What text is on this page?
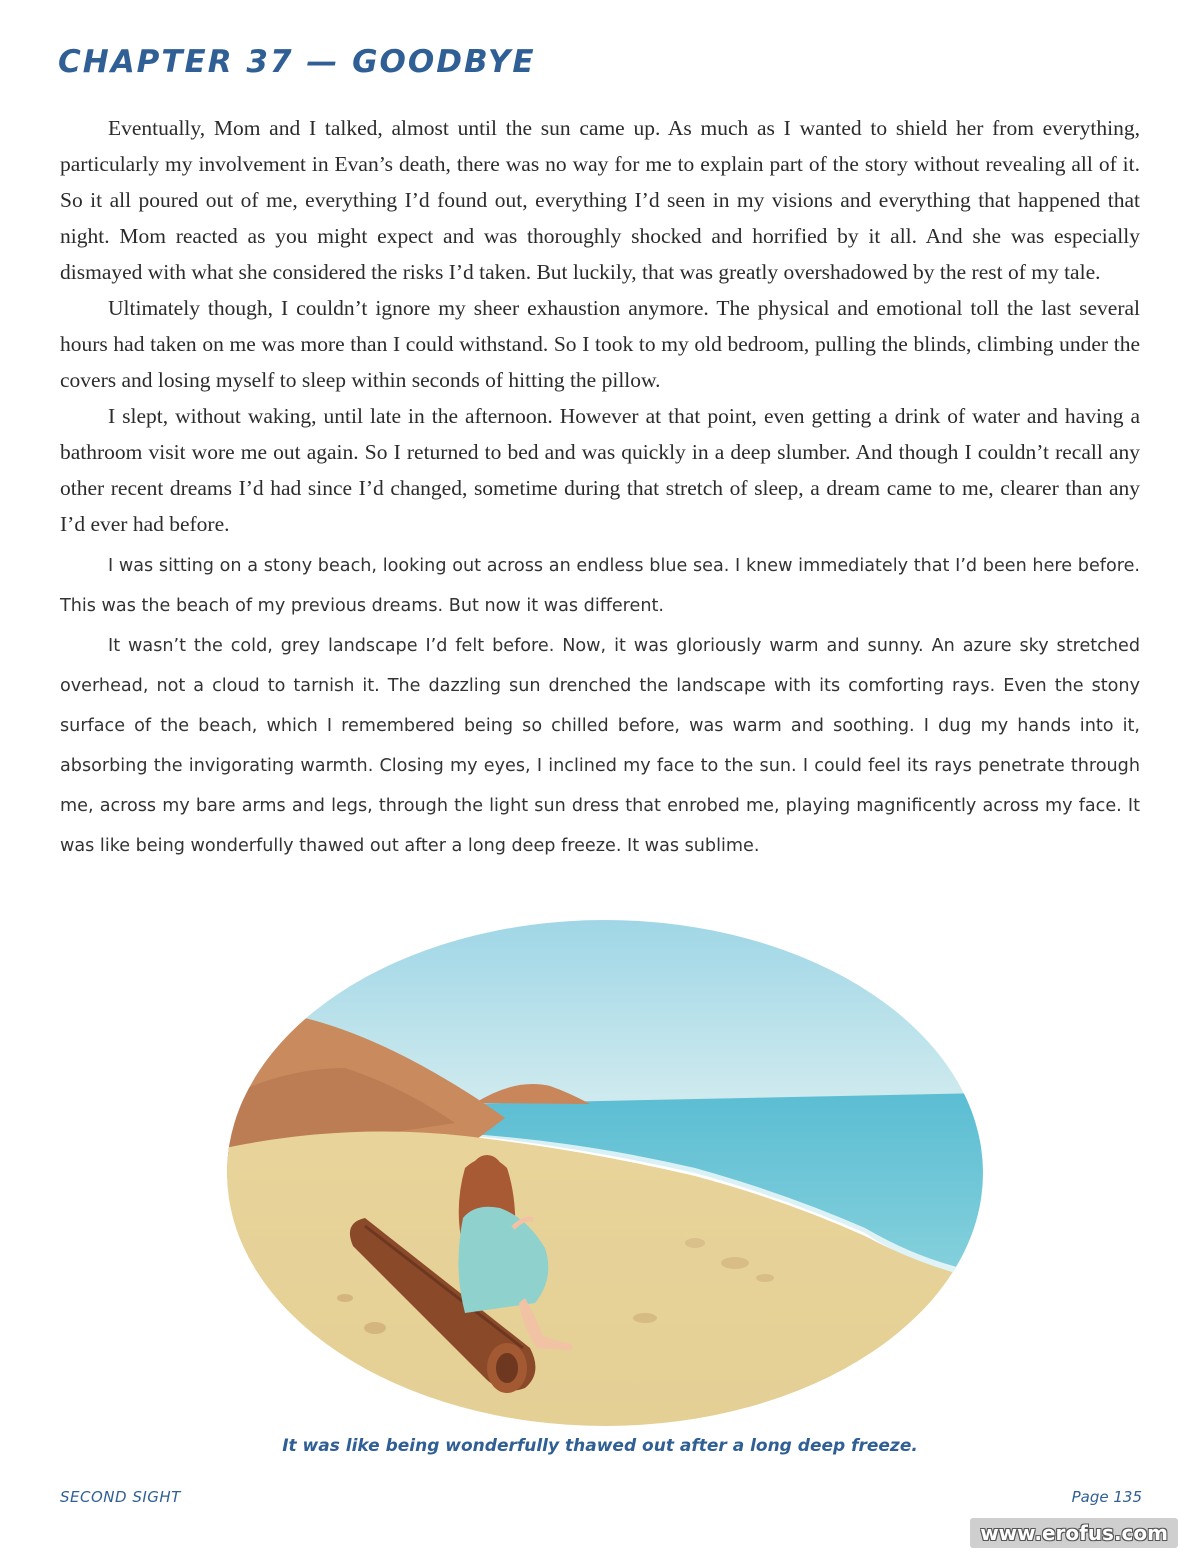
CHAPTER 37 — GOODBYE

Eventually, Mom and I talked, almost until the sun came up. As much as I wanted to shield her from everything, particularly my involvement in Evan’s death, there was no way for me to explain part of the story without revealing all of it. So it all poured out of me, everything I’d found out, everything I’d seen in my visions and everything that happened that night. Mom reacted as you might expect and was thoroughly shocked and horrified by it all. And she was especially dismayed with what she considered the risks I’d taken. But luckily, that was greatly overshadowed by the rest of my tale.

Ultimately though, I couldn’t ignore my sheer exhaustion anymore. The physical and emotional toll the last several hours had taken on me was more than I could withstand. So I took to my old bedroom, pulling the blinds, climbing under the covers and losing myself to sleep within seconds of hitting the pillow.

I slept, without waking, until late in the afternoon. However at that point, even getting a drink of water and having a bathroom visit wore me out again. So I returned to bed and was quickly in a deep slumber. And though I couldn’t recall any other recent dreams I’d had since I’d changed, sometime during that stretch of sleep, a dream came to me, clearer than any I’d ever had before.

I was sitting on a stony beach, looking out across an endless blue sea. I knew immediately that I’d been here before. This was the beach of my previous dreams. But now it was different.

It wasn’t the cold, grey landscape I’d felt before. Now, it was gloriously warm and sunny. An azure sky stretched overhead, not a cloud to tarnish it. The dazzling sun drenched the landscape with its comforting rays. Even the stony surface of the beach, which I remembered being so chilled before, was warm and soothing. I dug my hands into it, absorbing the invigorating warmth. Closing my eyes, I inclined my face to the sun. I could feel its rays penetrate through me, across my bare arms and legs, through the light sun dress that enrobed me, playing magnificently across my face. It was like being wonderfully thawed out after a long deep freeze. It was sublime.

It was like being wonderfully thawed out after a long deep freeze.

SECOND SIGHT	Page 135
www.erofus.com
